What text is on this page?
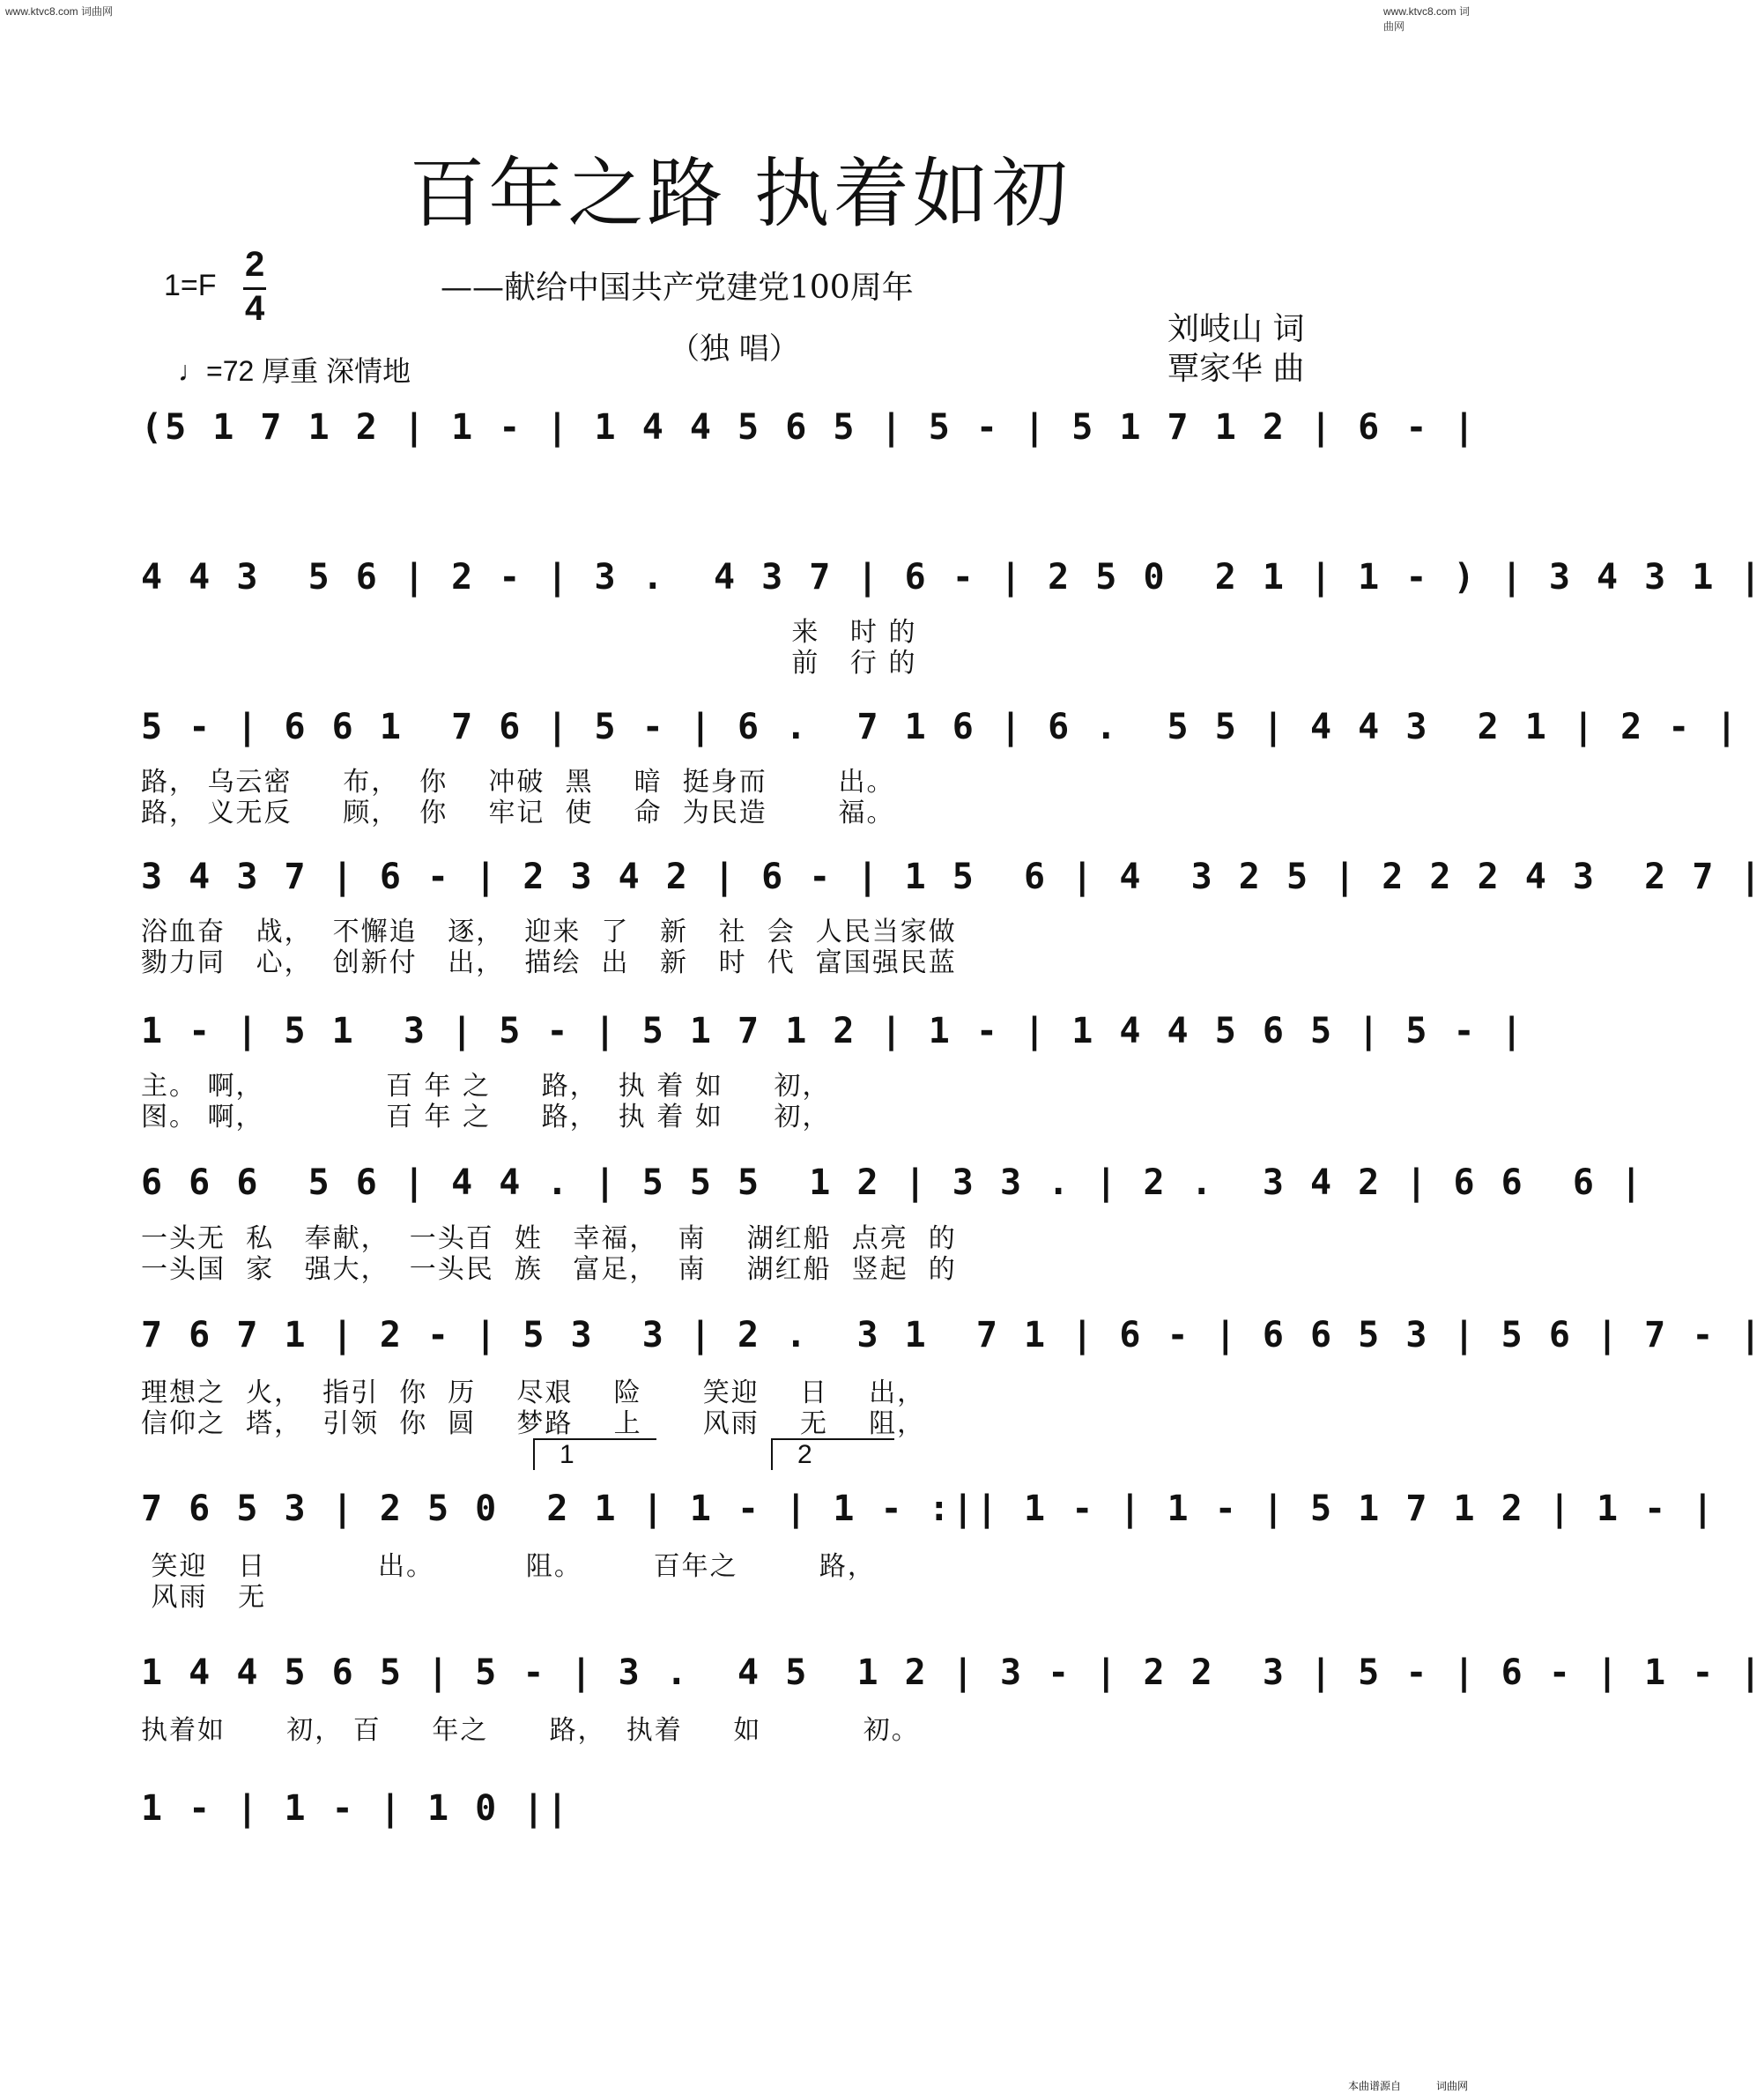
www.ktvc8.com 词曲网	www.ktvc8.com 词曲网
百年之路 执着如初
——献给中国共产党建党100周年
（独 唱）
1=F
2
4
♩=72 厚重 深情地
刘岐山 词
覃家华 曲
(5 1 7 1 2 | 1 - | 1 4 4 5 6 5 | 5 - | 5 1 7 1 2 | 6 - |
4 4 3  5 6 | 2 - | 3 .  4 3 7 | 6 - | 2 5 0  2 1 | 1 - ) | 3 4 3 1 |
来   时 的
前   行 的
5 - | 6 6 1  7 6 | 5 - | 6 .  7 1 6 | 6 .  5 5 | 4 4 3  2 1 | 2 - |
路， 乌云密     布，  你    冲破  黑    暗  挺身而       出。
路， 义无反     顾，  你    牢记  使    命  为民造       福。
3 4 3 7 | 6 - | 2 3 4 2 | 6 - | 1 5  6 | 4  3 2 5 | 2 2 2 4 3  2 7 |
浴血奋   战，  不懈追   逐，  迎来  了   新   社  会  人民当家做
勠力同   心，  创新付   出，  描绘  出   新   时  代  富国强民蓝
1 - | 5 1  3 | 5 - | 5 1 7 1 2 | 1 - | 1 4 4 5 6 5 | 5 - |
主。 啊，            百 年 之     路，  执 着 如     初，
图。 啊，            百 年 之     路，  执 着 如     初，
6 6 6  5 6 | 4 4 . | 5 5 5  1 2 | 3 3 . | 2 .  3 4 2 | 6 6  6 |
一头无  私   奉献，  一头百  姓   幸福，  南    湖红船  点亮  的
一头国  家   强大，  一头民  族   富足，  南    湖红船  竖起  的
7 6 7 1 | 2 - | 5 3  3 | 2 .  3 1  7 1 | 6 - | 6 6 5 3 | 5 6 | 7 - |
理想之  火，  指引  你  历    尽艰    险      笑迎    日    出，
信仰之  塔，  引领  你  圆    梦路    上      风雨    无    阻，
1	2
7 6 5 3 | 2 5 0  2 1 | 1 - | 1 - :|| 1 - | 1 - | 5 1 7 1 2 | 1 - |
笑迎   日           出。         阻。       百年之        路，
风雨   无
1 4 4 5 6 5 | 5 - | 3 .  4 5  1 2 | 3 - | 2 2  3 | 5 - | 6 - | 1 - |
执着如      初， 百     年之      路，  执着     如          初。
1 - | 1 - | 1 0 ||
本曲谱源自	词曲网
